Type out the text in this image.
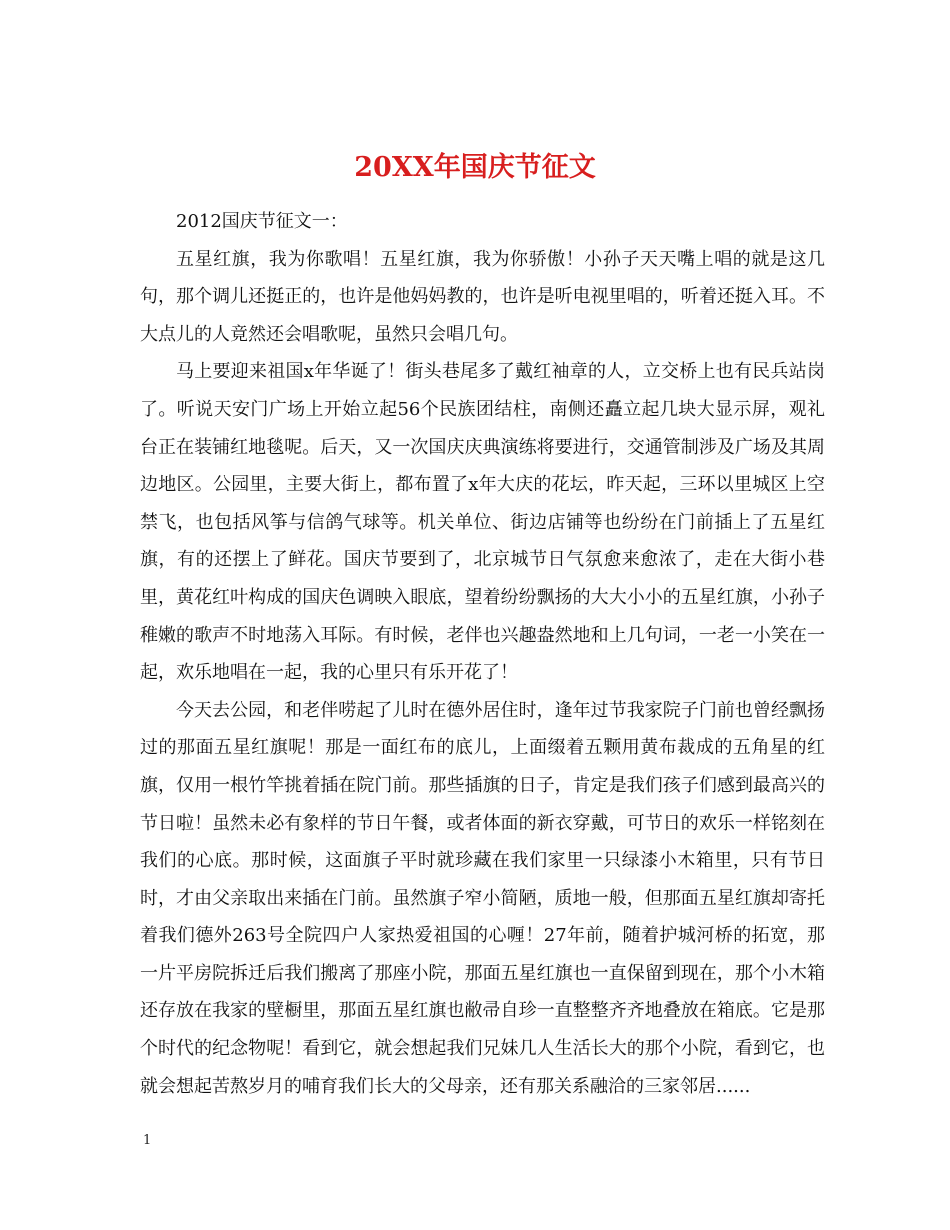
20XX年国庆节征文

2012国庆节征文一：

五星红旗，我为你歌唱！五星红旗，我为你骄傲！小孙子天天嘴上唱的就是这几句，那个调儿还挺正的，也许是他妈妈教的，也许是听电视里唱的，听着还挺入耳。不大点儿的人竟然还会唱歌呢，虽然只会唱几句。

马上要迎来祖国x年华诞了！街头巷尾多了戴红袖章的人，立交桥上也有民兵站岗了。听说天安门广场上开始立起56个民族团结柱，南侧还矗立起几块大显示屏，观礼台正在装铺红地毯呢。后天，又一次国庆庆典演练将要进行，交通管制涉及广场及其周边地区。公园里，主要大街上，都布置了x年大庆的花坛，昨天起，三环以里城区上空禁飞，也包括风筝与信鸽气球等。机关单位、街边店铺等也纷纷在门前插上了五星红旗，有的还摆上了鲜花。国庆节要到了，北京城节日气氛愈来愈浓了，走在大街小巷里，黄花红叶构成的国庆色调映入眼底，望着纷纷飘扬的大大小小的五星红旗，小孙子稚嫩的歌声不时地荡入耳际。有时候，老伴也兴趣盎然地和上几句词，一老一小笑在一起，欢乐地唱在一起，我的心里只有乐开花了！

今天去公园，和老伴唠起了儿时在德外居住时，逢年过节我家院子门前也曾经飘扬过的那面五星红旗呢！那是一面红布的底儿，上面缀着五颗用黄布裁成的五角星的红旗，仅用一根竹竿挑着插在院门前。那些插旗的日子，肯定是我们孩子们感到最高兴的节日啦！虽然未必有象样的节日午餐，或者体面的新衣穿戴，可节日的欢乐一样铭刻在我们的心底。那时候，这面旗子平时就珍藏在我们家里一只绿漆小木箱里，只有节日时，才由父亲取出来插在门前。虽然旗子窄小简陋，质地一般，但那面五星红旗却寄托着我们德外263号全院四户人家热爱祖国的心喱！27年前，随着护城河桥的拓宽，那一片平房院拆迁后我们搬离了那座小院，那面五星红旗也一直保留到现在，那个小木箱还存放在我家的壁橱里，那面五星红旗也敝帚自珍一直整整齐齐地叠放在箱底。它是那个时代的纪念物呢！看到它，就会想起我们兄妹几人生活长大的那个小院，看到它，也就会想起苦熬岁月的哺育我们长大的父母亲，还有那关系融洽的三家邻居......

1
